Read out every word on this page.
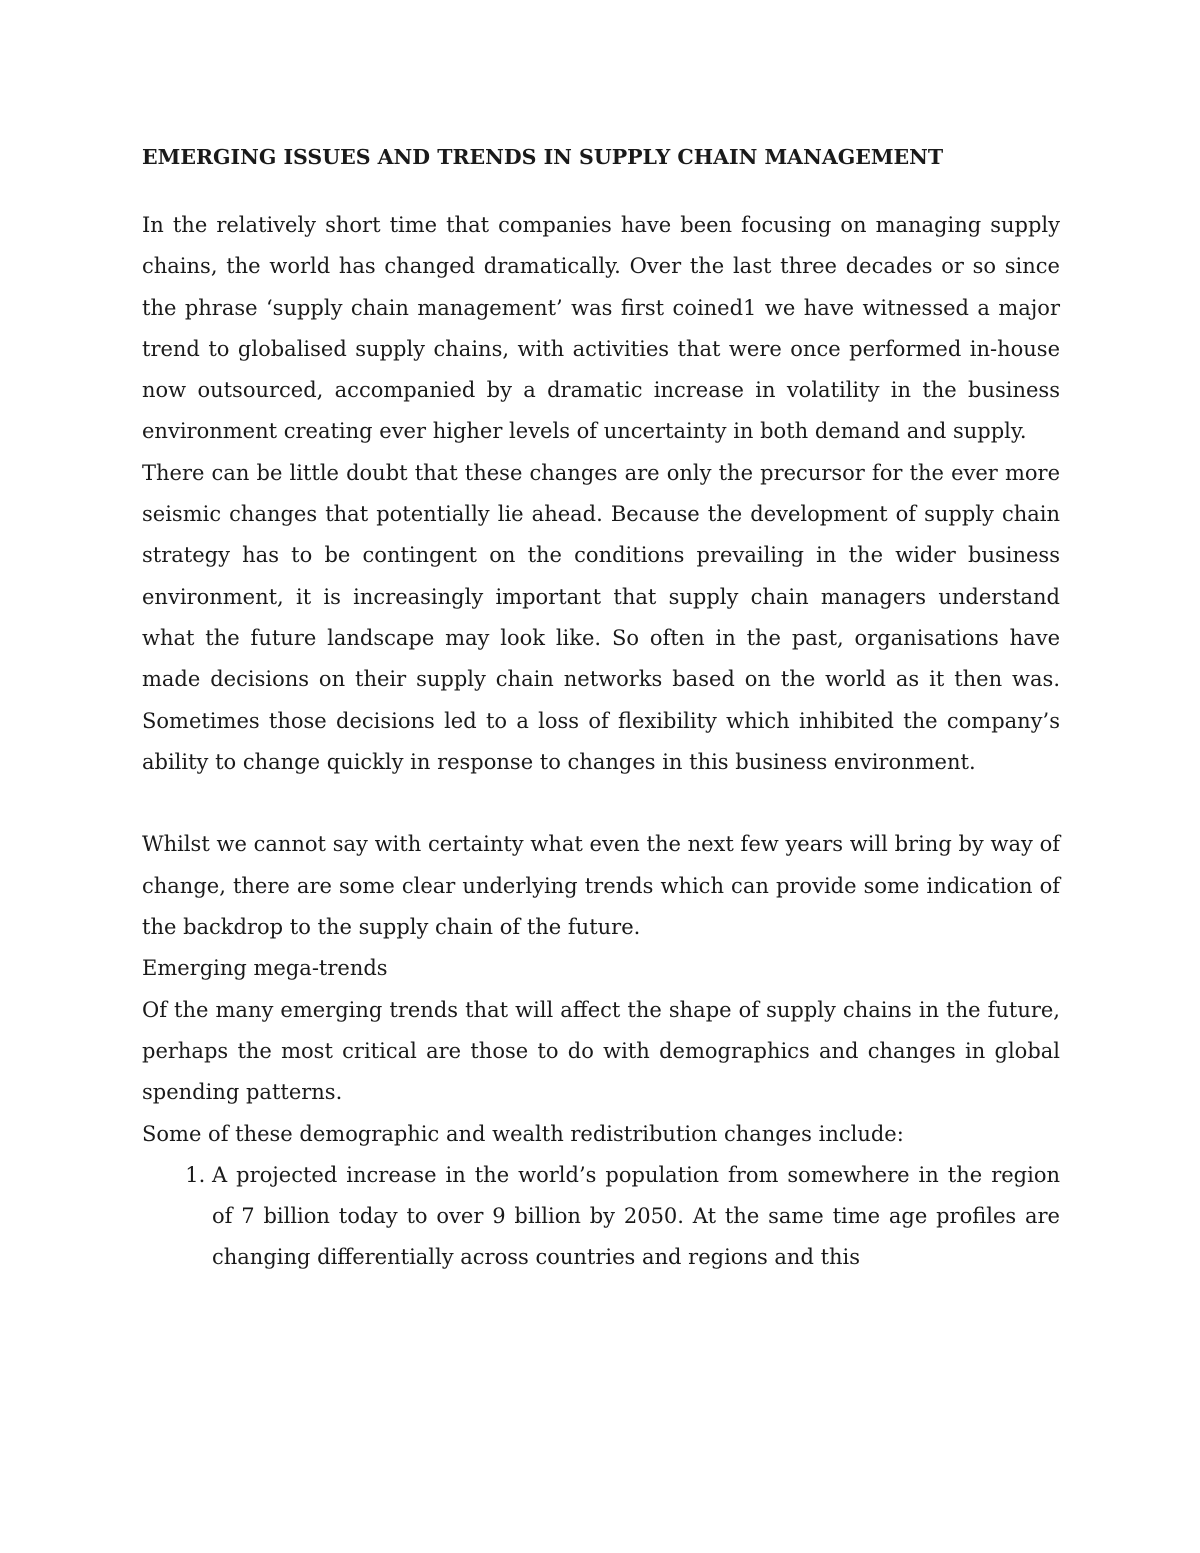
EMERGING ISSUES AND TRENDS IN SUPPLY CHAIN MANAGEMENT

In the relatively short time that companies have been focusing on managing supply chains, the world has changed dramatically. Over the last three decades or so since the phrase ‘supply chain management’ was first coined1 we have witnessed a major trend to globalised supply chains, with activities that were once performed in-house now outsourced, accompanied by a dramatic increase in volatility in the business environment creating ever higher levels of uncertainty in both demand and supply.

There can be little doubt that these changes are only the precursor for the ever more seismic changes that potentially lie ahead. Because the development of supply chain strategy has to be contingent on the conditions prevailing in the wider business environment, it is increasingly important that supply chain managers understand what the future landscape may look like. So often in the past, organisations have made decisions on their supply chain networks based on the world as it then was. Sometimes those decisions led to a loss of flexibility which inhibited the company’s ability to change quickly in response to changes in this business environment.

Whilst we cannot say with certainty what even the next few years will bring by way of change, there are some clear underlying trends which can provide some indication of the backdrop to the supply chain of the future.

Emerging mega-trends

Of the many emerging trends that will affect the shape of supply chains in the future, perhaps the most critical are those to do with demographics and changes in global spending patterns.

Some of these demographic and wealth redistribution changes include:

1. A projected increase in the world’s population from somewhere in the region of 7 billion today to over 9 billion by 2050. At the same time age profiles are changing differentially across countries and regions and this
